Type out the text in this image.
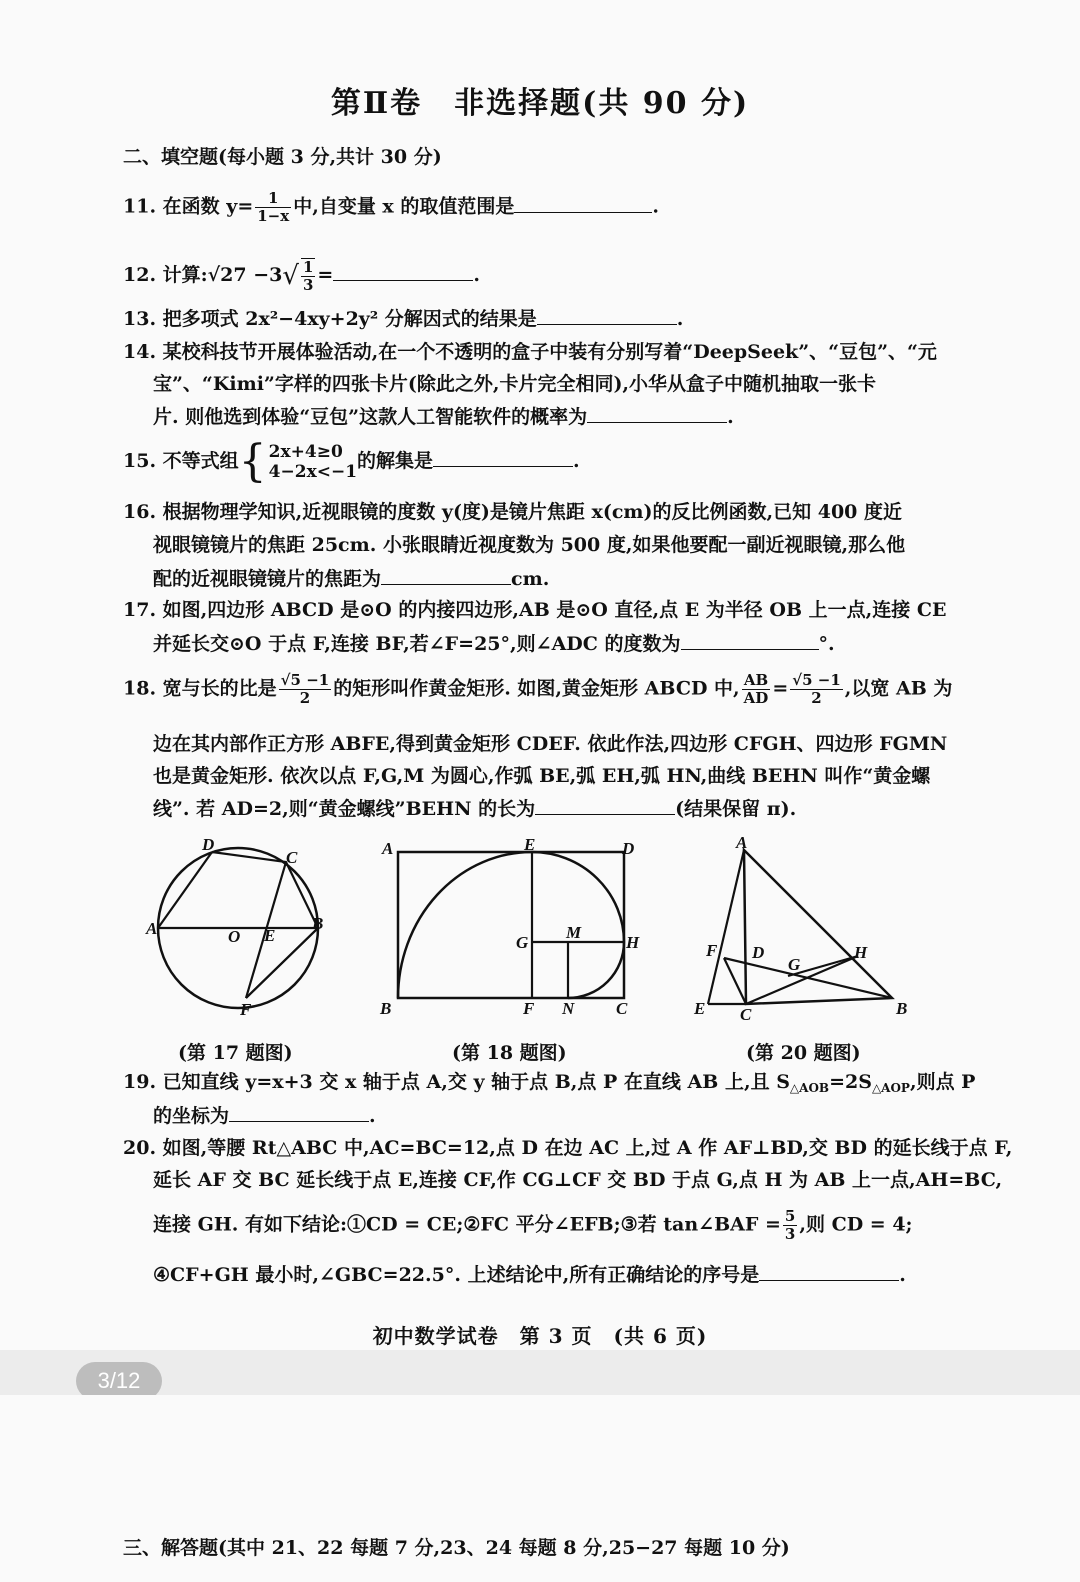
第Ⅱ卷　非选择题(共 90 分)
二、填空题(每小题 3 分,共计 30 分)
11. 在函数 $y= \frac{1}{1-x}$ 中,自变量 x 的取值范围是	.
12. 计算:√27 $-3√ \frac{1}{3}$ =	.
13. 把多项式 2x²−4xy+2y² 分解因式的结果是	.
14. 某校科技节开展体验活动,在一个不透明的盒子中装有分别写着“DeepSeek”、“豆包”、“元
宝”、“Kimi”字样的四张卡片(除此之外,卡片完全相同),小华从盒子中随机抽取一张卡
片. 则他选到体验“豆包”这款人工智能软件的概率为	.
15. 不等式组{ 2x+4≥0
4−2x<−1 的解集是	.
16. 根据物理学知识,近视眼镜的度数 y(度)是镜片焦距 x(cm)的反比例函数,已知 400 度近
视眼镜镜片的焦距 25cm. 小张眼睛近视度数为 500 度,如果他要配一副近视眼镜,那么他
配的近视眼镜镜片的焦距为	cm.
17. 如图,四边形 ABCD 是⊙O 的内接四边形,AB 是⊙O 直径,点 E 为半径 OB 上一点,连接 CE
并延长交⊙O 于点 F,连接 BF,若∠F=25°,则∠ADC 的度数为	°.
18. 宽与长的比是 $\frac{√5 -1}{2}$ 的矩形叫作黄金矩形. 如图,黄金矩形 ABCD 中, $\frac{AB}{AD} = \frac{√5 -1}{2}$ ,以宽 AB 为
边在其内部作正方形 ABFE,得到黄金矩形 CDEF. 依此作法,四边形 CFGH、四边形 FGMN
也是黄金矩形. 依次以点 F,G,M 为圆心,作弧 BE,弧 EH,弧 HN,曲线 BEHN 叫作“黄金螺
线”. 若 AD=2,则“黄金螺线”BEHN 的长为	(结果保留 π).
D
C
A	O E
B
F
A	E	D
G
M
H
B	F N C
A
F D
G
H
E C	B
(第 17 题图)	(第 18 题图)	(第 20 题图)
19. 已知直线 y=x+3 交 x 轴于点 A,交 y 轴于点 B,点 P 在直线 AB 上,且 $S_{\triangle AOB}=2S_{\triangle AOP}$,则点 P
的坐标为	.
20. 如图,等腰 Rt△ABC 中,AC=BC=12,点 D 在边 AC 上,过 A 作 AF⊥BD,交 BD 的延长线于点 F,
延长 AF 交 BC 延长线于点 E,连接 CF,作 CG⊥CF 交 BD 于点 G,点 H 为 AB 上一点,AH=BC,
连接 GH. 有如下结论:①CD = CE;②FC 平分∠EFB;③若 tan∠BAF = $\frac{5}{3}$ ,则 CD = 4;
④CF+GH 最小时,∠GBC=22.5°. 上述结论中,所有正确结论的序号是	.
初中数学试卷　第 3 页　(共 6 页)
3/12
三、解答题(其中 21、22 每题 7 分,23、24 每题 8 分,25−27 每题 10 分)
